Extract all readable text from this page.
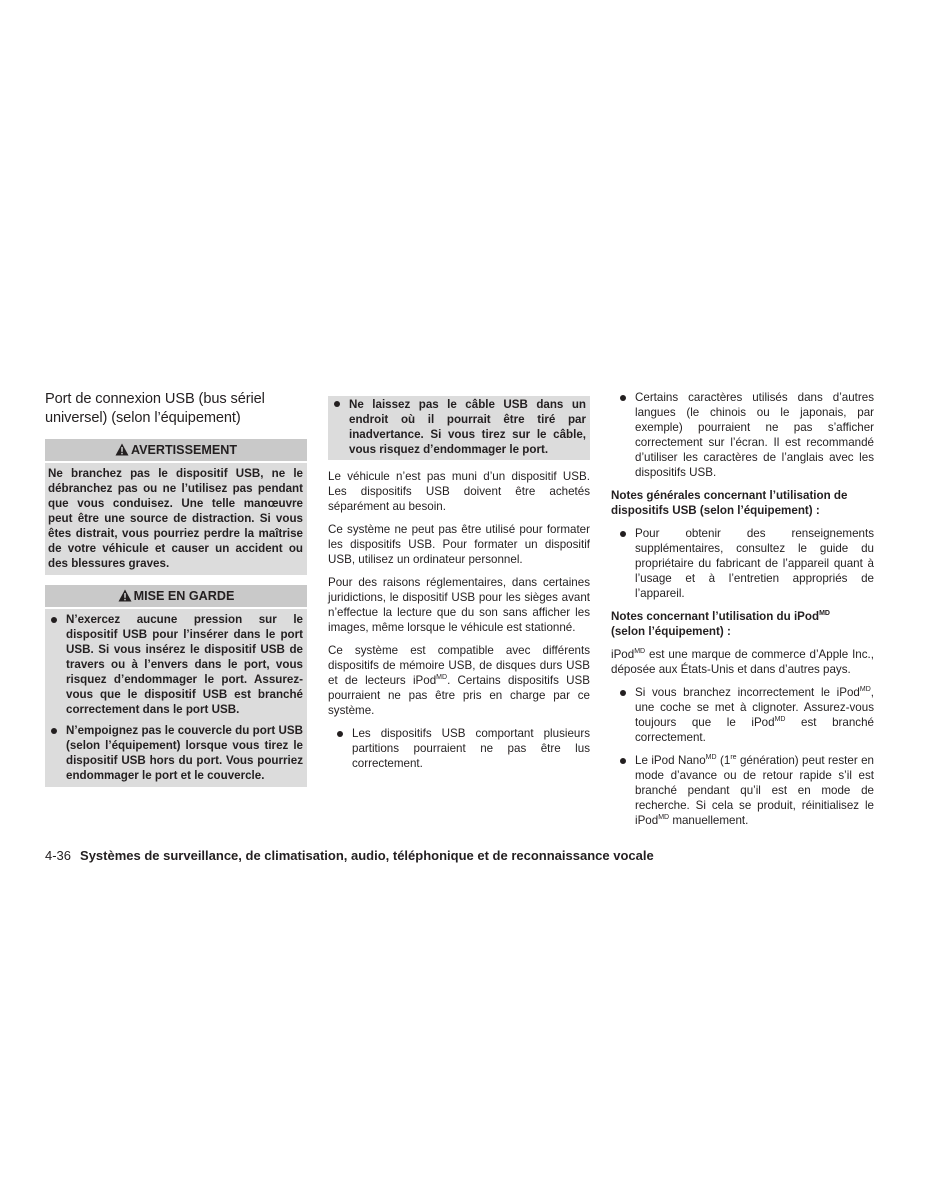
Port de connexion USB (bus sériel universel) (selon l’équipement)
AVERTISSEMENT

Ne branchez pas le dispositif USB, ne le débranchez pas ou ne l’utilisez pas pendant que vous conduisez. Une telle manœuvre peut être une source de distraction. Si vous êtes distrait, vous pourriez perdre la maîtrise de votre véhicule et causer un accident ou des blessures graves.

MISE EN GARDE
N’exercez aucune pression sur le dispositif USB pour l’insérer dans le port USB. Si vous insérez le dispositif USB de travers ou à l’envers dans le port, vous risquez d’endommager le port. Assurez-vous que le dispositif USB est branché correctement dans le port USB.
N’empoignez pas le couvercle du port USB (selon l’équipement) lorsque vous tirez le dispositif USB hors du port. Vous pourriez endommager le port et le couvercle.
Ne laissez pas le câble USB dans un endroit où il pourrait être tiré par inadvertance. Si vous tirez sur le câble, vous risquez d’endommager le port.

Le véhicule n’est pas muni d’un dispositif USB. Les dispositifs USB doivent être achetés séparément au besoin.

Ce système ne peut pas être utilisé pour formater les dispositifs USB. Pour formater un dispositif USB, utilisez un ordinateur personnel.

Pour des raisons réglementaires, dans certaines juridictions, le dispositif USB pour les sièges avant n’effectue la lecture que du son sans afficher les images, même lorsque le véhicule est stationné.

Ce système est compatible avec différents dispositifs de mémoire USB, de disques durs USB et de lecteurs iPod$^{MD}$. Certains dispositifs USB pourraient ne pas être pris en charge par ce système.

Les dispositifs USB comportant plusieurs partitions pourraient ne pas être lus correctement.
Certains caractères utilisés dans d’autres langues (le chinois ou le japonais, par exemple) pourraient ne pas s’afficher correctement sur l’écran. Il est recommandé d’utiliser les caractères de l’anglais avec les dispositifs USB.

Notes générales concernant l’utilisation de dispositifs USB (selon l’équipement) :

Pour obtenir des renseignements supplémentaires, consultez le guide du propriétaire du fabricant de l’appareil quant à l’usage et à l’entretien appropriés de l’appareil.

Notes concernant l’utilisation du iPod$^{MD}$
(selon l’équipement) :

iPod$^{MD}$ est une marque de commerce d’Apple Inc., déposée aux États-Unis et dans d’autres pays.

Si vous branchez incorrectement le iPod$^{MD}$, une coche se met à clignoter. Assurez-vous toujours que le iPod$^{MD}$ est branché correctement.
Le iPod Nano$^{MD}$ (1re génération) peut rester en mode d’avance ou de retour rapide s’il est branché pendant qu’il est en mode de recherche. Si cela se produit, réinitialisez le iPod$^{MD}$ manuellement.
4-36 Systèmes de surveillance, de climatisation, audio, téléphonique et de reconnaissance vocale
